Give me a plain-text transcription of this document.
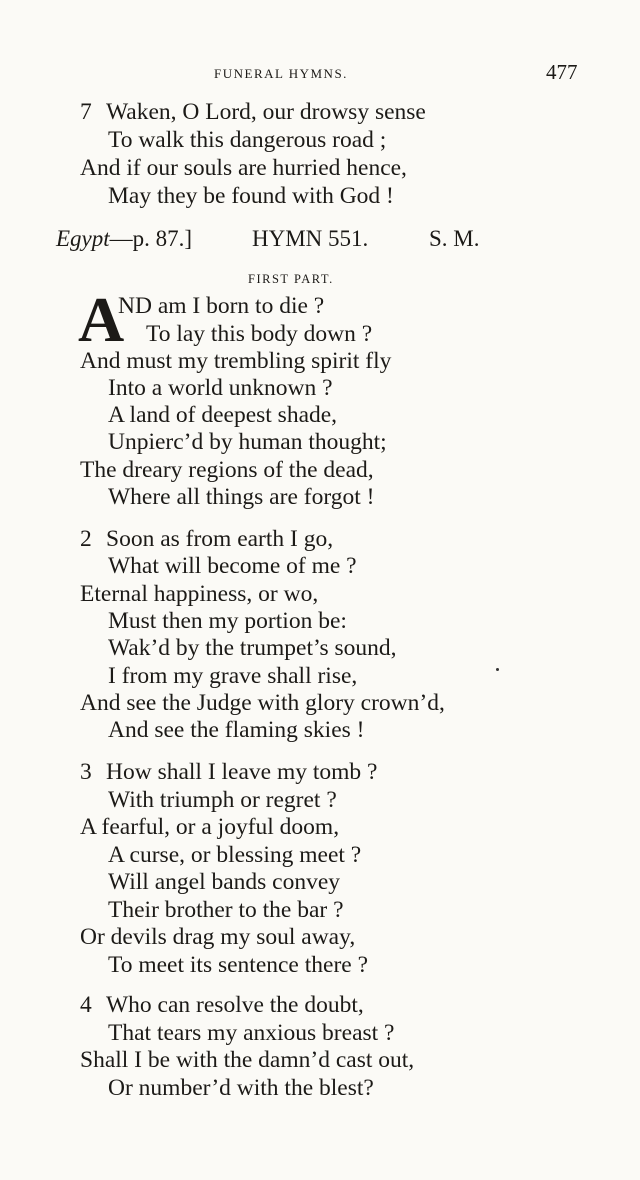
FUNERAL HYMNS.	477
7 Waken, O Lord, our drowsy sense
To walk this dangerous road ;
And if our souls are hurried hence,
May they be found with God !
Egypt—p. 87.]	HYMN 551.	S. M.
FIRST PART.
A
ND am I born to die ?
To lay this body down ?
And must my trembling spirit fly
Into a world unknown ?
A land of deepest shade,
Unpierc’d by human thought;
The dreary regions of the dead,
Where all things are forgot !
2 Soon as from earth I go,
What will become of me ?
Eternal happiness, or wo,
Must then my portion be:
Wak’d by the trumpet’s sound,
I from my grave shall rise,
And see the Judge with glory crown’d,
And see the flaming skies !
3 How shall I leave my tomb ?
With triumph or regret ?
A fearful, or a joyful doom,
A curse, or blessing meet ?
Will angel bands convey
Their brother to the bar ?
Or devils drag my soul away,
To meet its sentence there ?
4 Who can resolve the doubt,
That tears my anxious breast ?
Shall I be with the damn’d cast out,
Or number’d with the blest?
